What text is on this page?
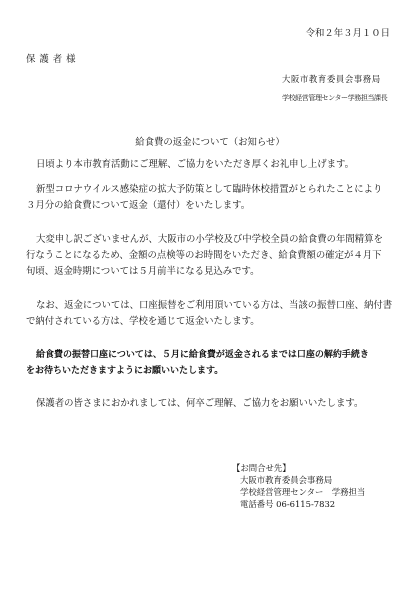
令和２年３月１０日
保護者様
大阪市教育委員会事務局
学校経営管理センター学務担当課長
給食費の返金について（お知らせ）
日頃より本市教育活動にご理解、ご協力をいただき厚くお礼申し上げます。
新型コロナウイルス感染症の拡大予防策として臨時休校措置がとられたことにより
３月分の給食費について返金（還付）をいたします。
大変申し訳ございませんが、大阪市の小学校及び中学校全員の給食費の年間精算を
行なうことになるため、金額の点検等のお時間をいただき、給食費額の確定が４月下
旬頃、返金時期については５月前半になる見込みです。
なお、返金については、口座振替をご利用頂いている方は、当該の振替口座、納付書
で納付されている方は、学校を通じて返金いたします。
給食費の振替口座については、５月に給食費が返金されるまでは口座の解約手続き
をお待ちいただきますようにお願いいたします。
保護者の皆さまにおかれましては、何卒ご理解、ご協力をお願いいたします。
【お問合せ先】
大阪市教育委員会事務局
学校経営管理センター　学務担当
電話番号 06-6115-7832
